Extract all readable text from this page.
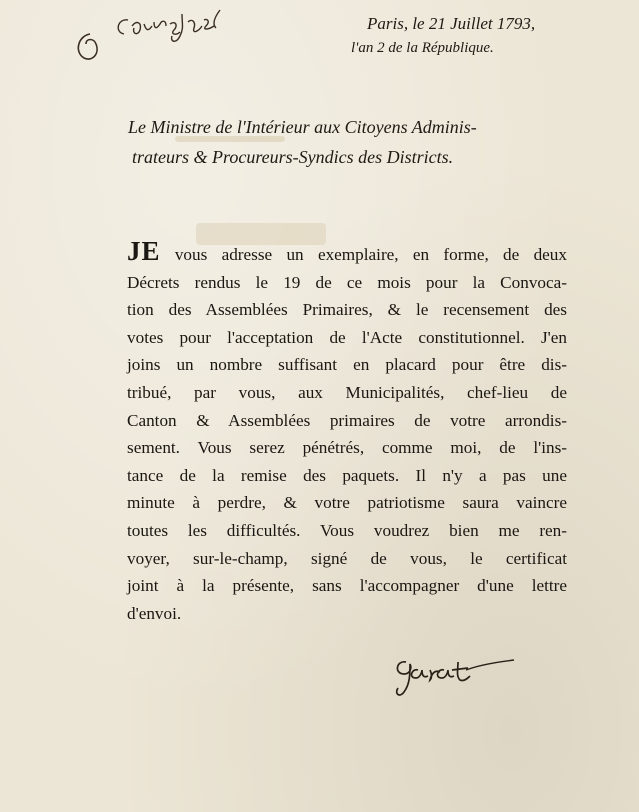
Consigné
Paris, le 21 Juillet 1793,
l'an 2 de la République.
Le Ministre de l'Intérieur aux Citoyens Adminis-
trateurs & Procureurs-Syndics des Districts.
JE vous adresse un exemplaire, en forme, de deux
Décrets rendus le 19 de ce mois pour la Convoca-
tion des Assemblées Primaires, & le recensement des
votes pour l'acceptation de l'Acte constitutionnel. J'en
joins un nombre suffisant en placard pour être dis-
tribué, par vous, aux Municipalités, chef-lieu de
Canton & Assemblées primaires de votre arrondis-
sement. Vous serez pénétrés, comme moi, de l'ins-
tance de la remise des paquets. Il n'y a pas une
minute à perdre, & votre patriotisme saura vaincre
toutes les difficultés. Vous voudrez bien me ren-
voyer, sur-le-champ, signé de vous, le certificat
joint à la présente, sans l'accompagner d'une lettre
d'envoi.
